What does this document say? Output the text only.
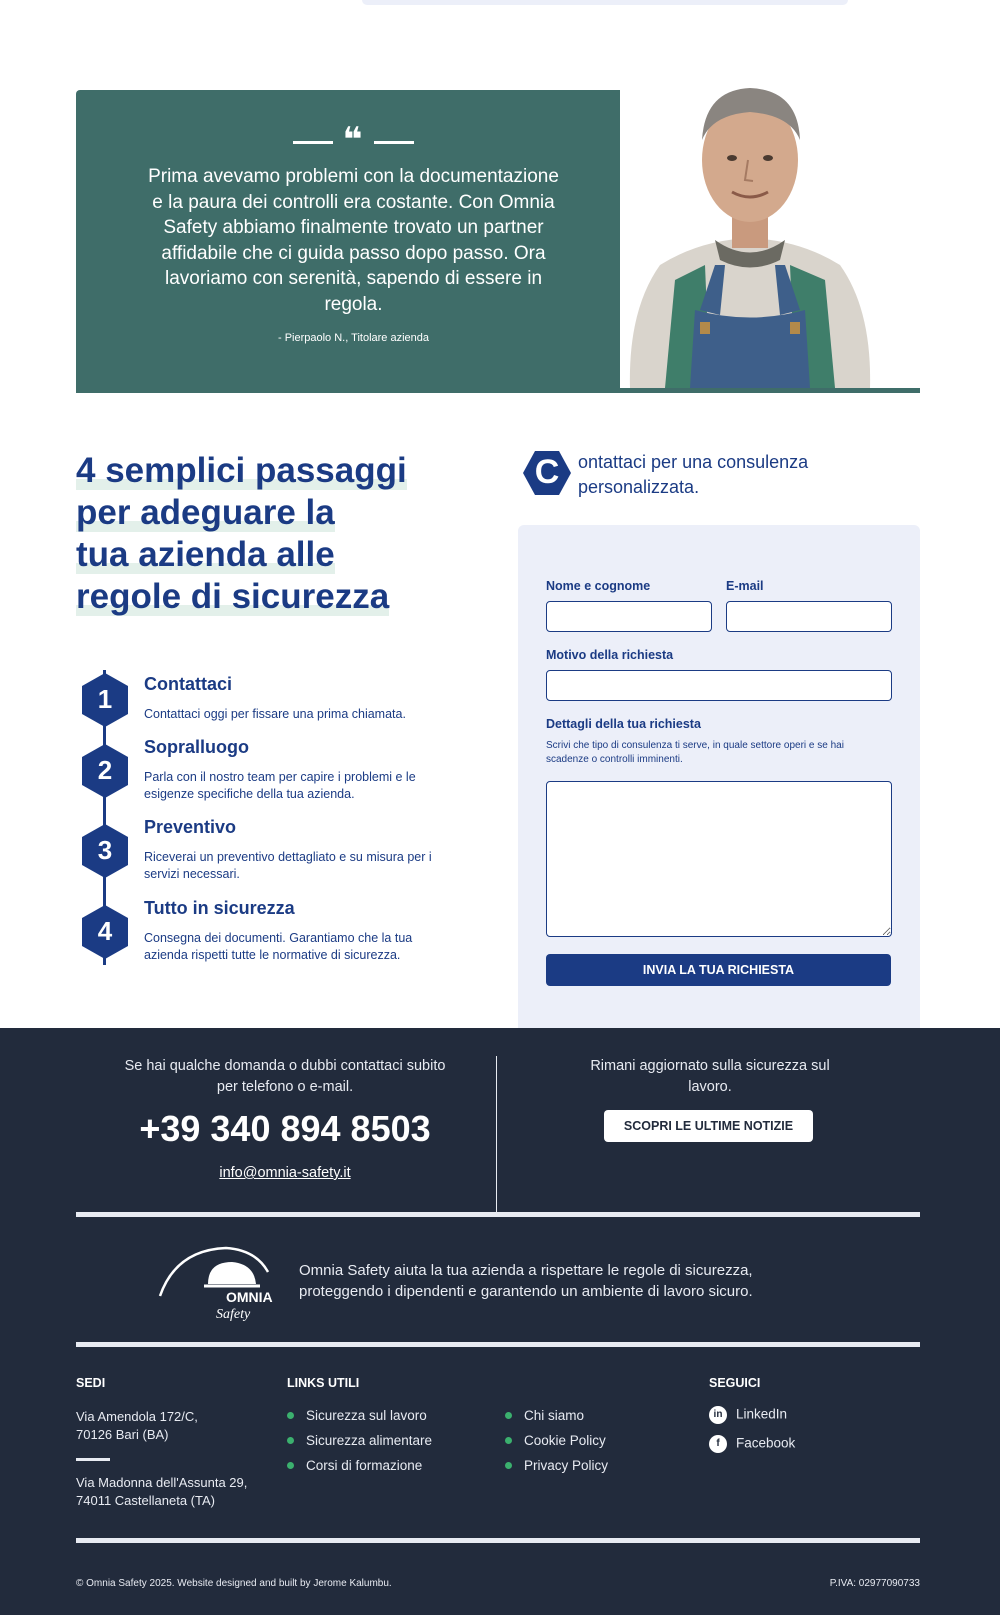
❝

Prima avevamo problemi con la documentazione e la paura dei controlli era costante. Con Omnia Safety abbiamo finalmente trovato un partner affidabile che ci guida passo dopo passo. Ora lavoriamo con serenità, sapendo di essere in regola.

- Pierpaolo N., Titolare azienda

4 semplici passaggi
per adeguare la
tua azienda alle
regole di sicurezza
1	Contattaci
Contattaci oggi per fissare una prima chiamata.
2
Sopralluogo
Parla con il nostro team per capire i problemi e le esigenze specifiche della tua azienda.
3
Preventivo
Riceverai un preventivo dettagliato e su misura per i servizi necessari.
4
Tutto in sicurezza
Consegna dei documenti. Garantiamo che la tua azienda rispetti tutte le normative di sicurezza.
C	ontattaci per una consulenza personalizzata.

Nome e cognome	E-mail
Motivo della richiesta
Dettagli della tua richiesta

Scrivi che tipo di consulenza ti serve, in quale settore operi e se hai scadenze o controlli imminenti.

INVIA LA TUA RICHIESTA

Se hai qualche domanda o dubbi contattaci subito per telefono o e-mail.

+39 340 894 8503
info@omnia-safety.it

Rimani aggiornato sulla sicurezza sul lavoro.

SCOPRI LE ULTIME NOTIZIE
OMNIA
Safety

Omnia Safety aiuta la tua azienda a rispettare le regole di sicurezza, proteggendo i dipendenti e garantendo un ambiente di lavoro sicuro.

SEDI

Via Amendola 172/C, 70126 Bari (BA)

Via Madonna dell'Assunta 29, 74011 Castellaneta (TA)

LINKS UTILI
Sicurezza sul lavoro
Sicurezza alimentare
Corsi di formazione
Chi siamo
Cookie Policy
Privacy Policy
SEGUICI
in LinkedIn
f Facebook

© Omnia Safety 2025. Website designed and built by Jerome Kalumbu.	P.IVA: 02977090733
